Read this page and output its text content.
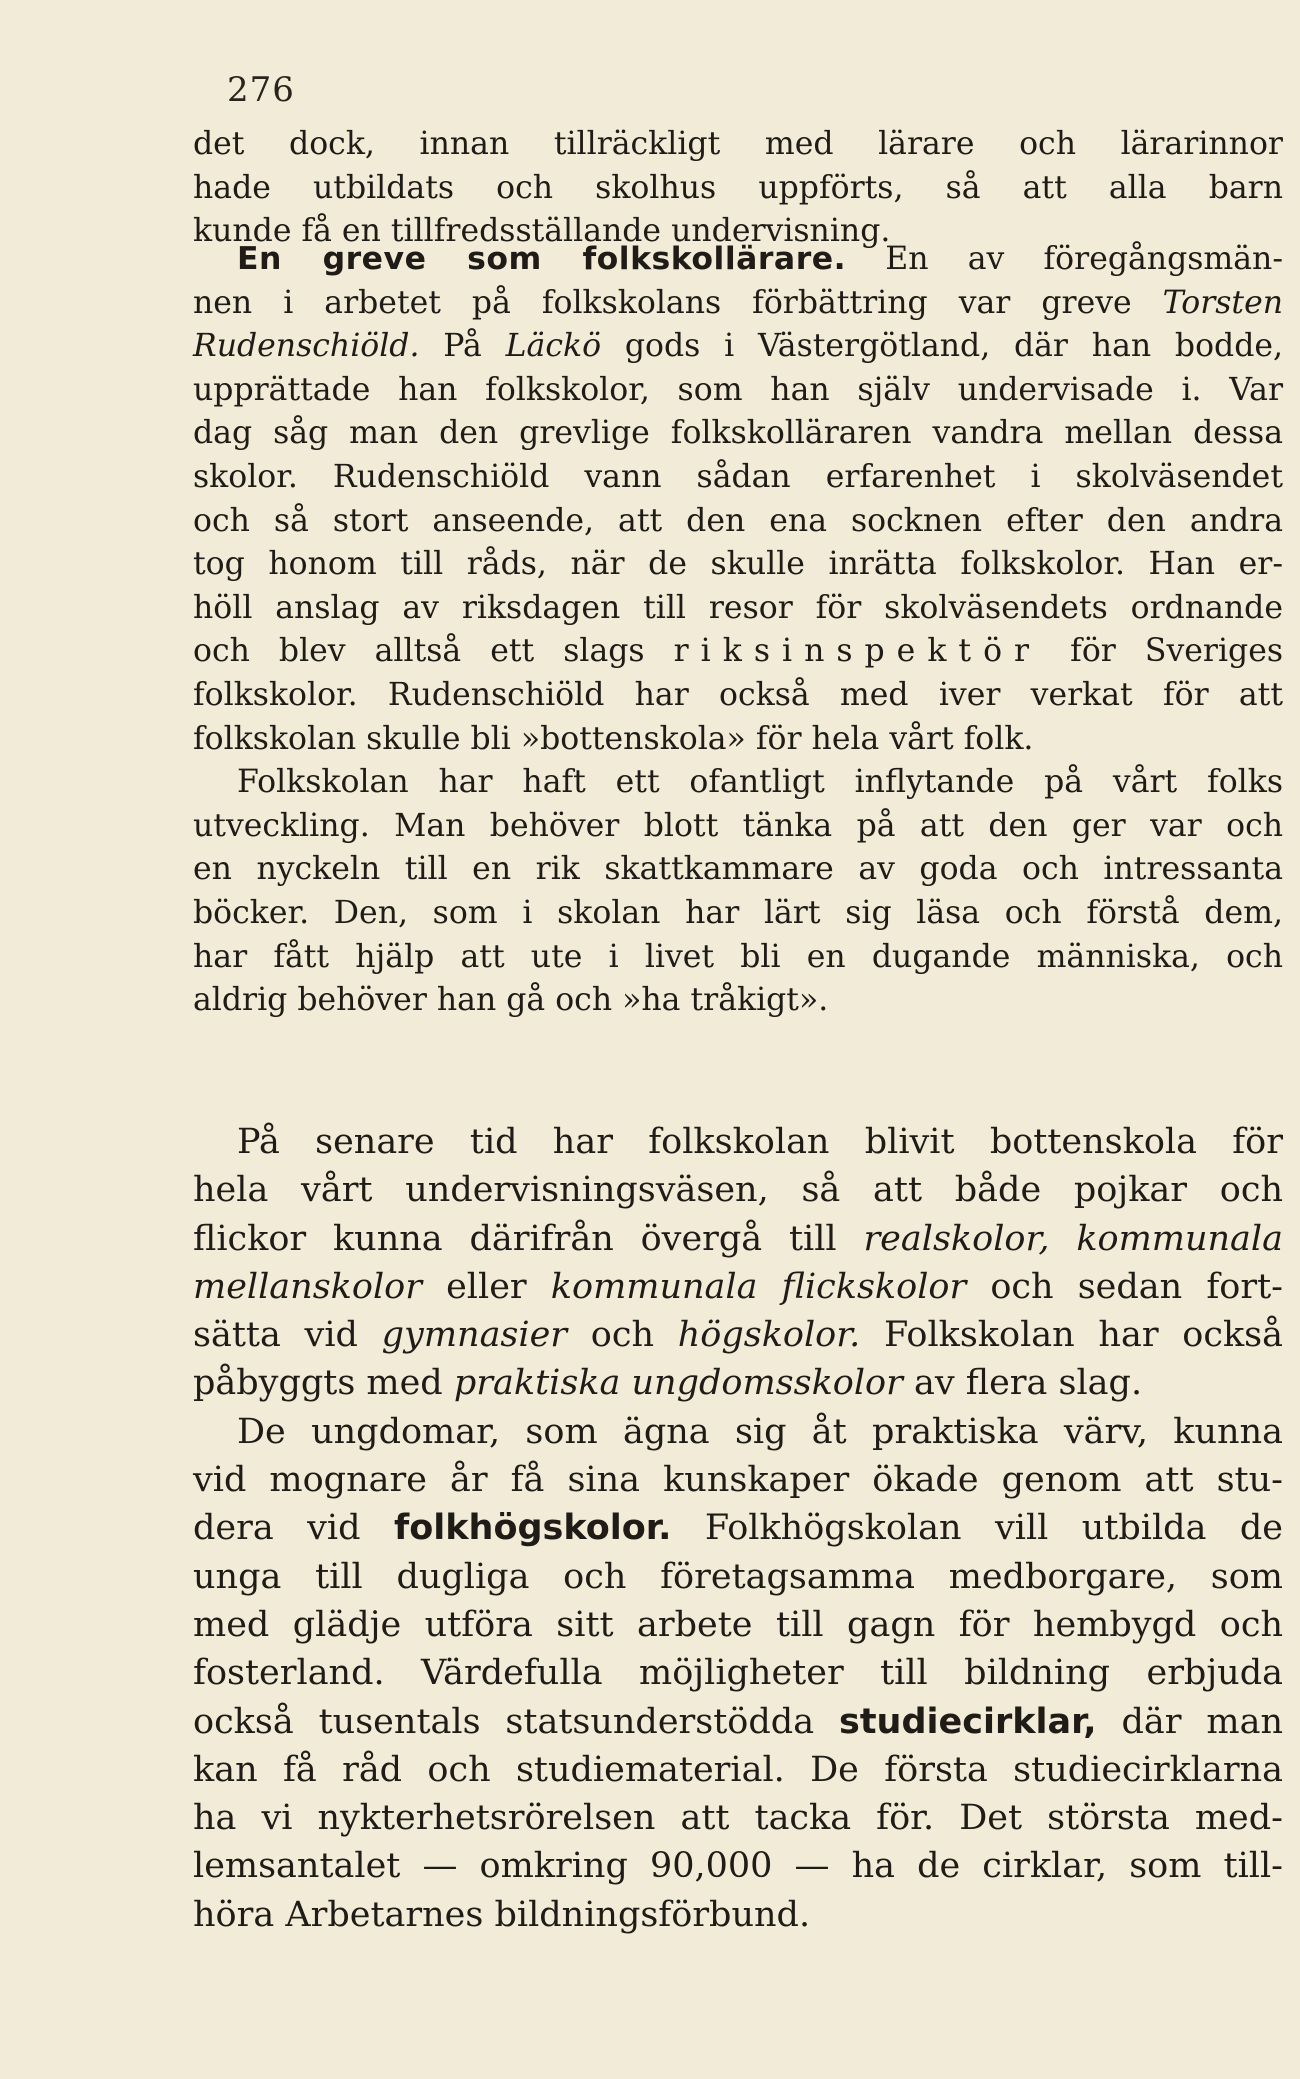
276
det dock, innan tillräckligt med lärare och lärarinnor
hade utbildats och skolhus uppförts, så att alla barn
kunde få en tillfredsställande undervisning.
En greve som folkskollärare. En av föregångsmän-
nen i arbetet på folkskolans förbättring var greve Torsten
Rudenschiöld. På Läckö gods i Västergötland, där han bodde,
upprättade han folkskolor, som han själv undervisade i. Var
dag såg man den grevlige folkskolläraren vandra mellan dessa
skolor. Rudenschiöld vann sådan erfarenhet i skolväsendet
och så stort anseende, att den ena socknen efter den andra
tog honom till råds, när de skulle inrätta folkskolor. Han er-
höll anslag av riksdagen till resor för skolväsendets ordnande
och blev alltså ett slags riksinspektör för Sveriges
folkskolor. Rudenschiöld har också med iver verkat för att
folkskolan skulle bli »bottenskola» för hela vårt folk.
Folkskolan har haft ett ofantligt inflytande på vårt folks
utveckling. Man behöver blott tänka på att den ger var och
en nyckeln till en rik skattkammare av goda och intressanta
böcker. Den, som i skolan har lärt sig läsa och förstå dem,
har fått hjälp att ute i livet bli en dugande människa, och
aldrig behöver han gå och »ha tråkigt».
På senare tid har folkskolan blivit bottenskola för
hela vårt undervisningsväsen, så att både pojkar och
flickor kunna därifrån övergå till realskolor, kommunala
mellanskolor eller kommunala flickskolor och sedan fort-
sätta vid gymnasier och högskolor. Folkskolan har också
påbyggts med praktiska ungdomsskolor av flera slag.
De ungdomar, som ägna sig åt praktiska värv, kunna
vid mognare år få sina kunskaper ökade genom att stu-
dera vid folkhögskolor. Folkhögskolan vill utbilda de
unga till dugliga och företagsamma medborgare, som
med glädje utföra sitt arbete till gagn för hembygd och
fosterland. Värdefulla möjligheter till bildning erbjuda
också tusentals statsunderstödda studiecirklar, där man
kan få råd och studiematerial. De första studiecirklarna
ha vi nykterhetsrörelsen att tacka för. Det största med-
lemsantalet — omkring 90,000 — ha de cirklar, som till-
höra Arbetarnes bildningsförbund.
